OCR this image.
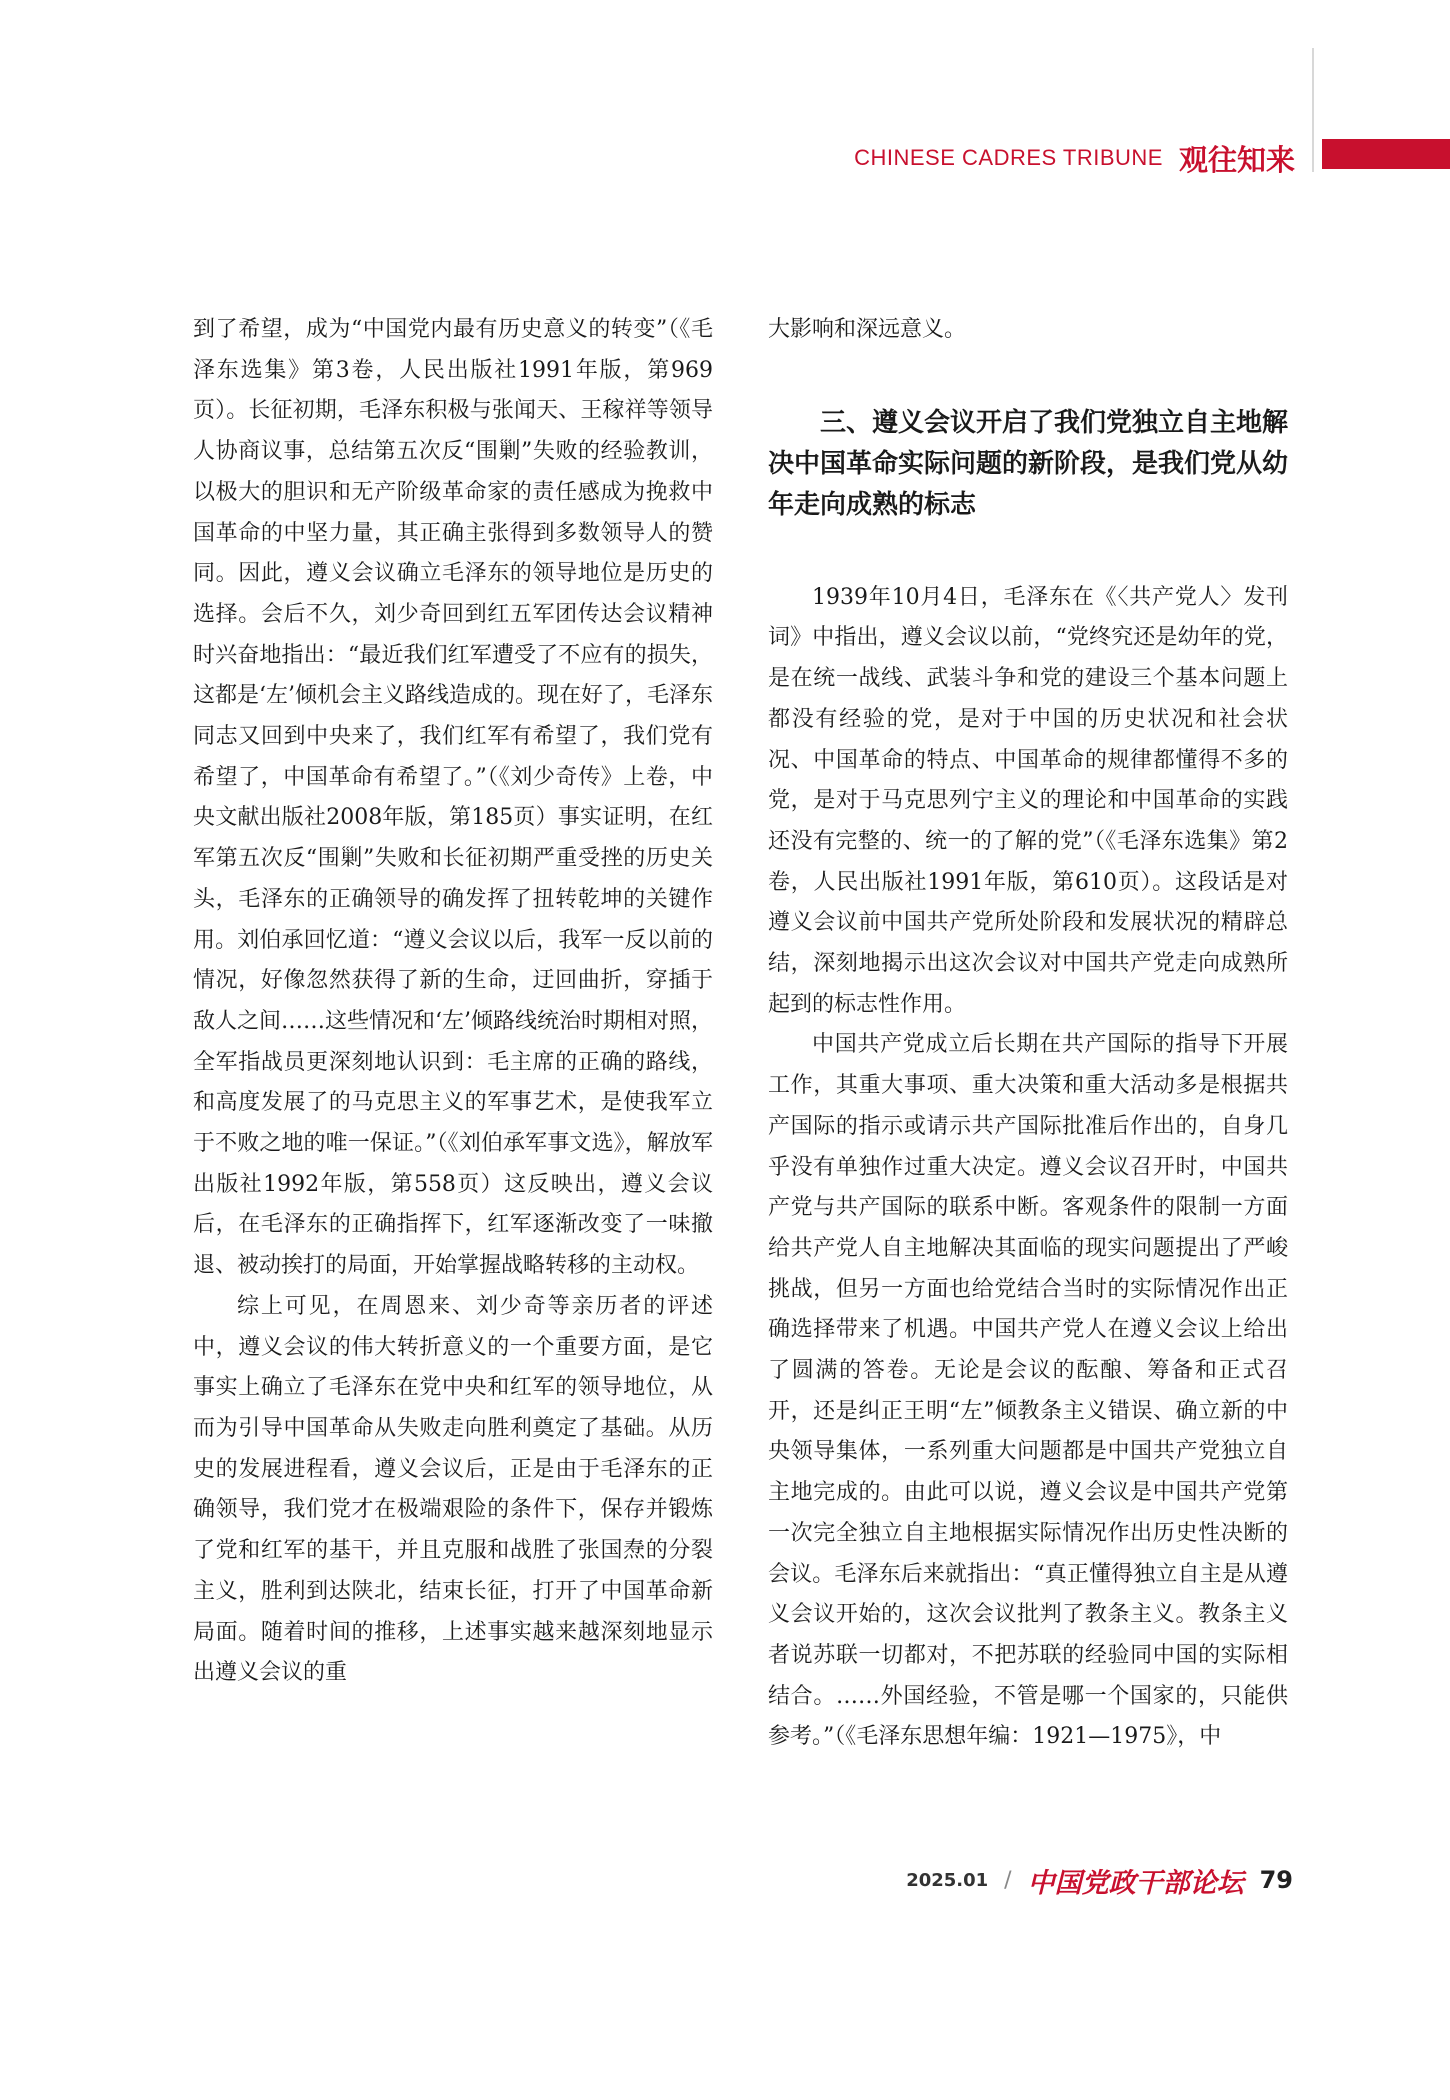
CHINESE CADRES TRIBUNE 观往知来

到了希望，成为“中国党内最有历史意义的转变”（《毛泽东选集》第3卷，人民出版社1991年版，第969页）。长征初期，毛泽东积极与张闻天、王稼祥等领导人协商议事，总结第五次反“围剿”失败的经验教训，以极大的胆识和无产阶级革命家的责任感成为挽救中国革命的中坚力量，其正确主张得到多数领导人的赞同。因此，遵义会议确立毛泽东的领导地位是历史的选择。会后不久，刘少奇回到红五军团传达会议精神时兴奋地指出：“最近我们红军遭受了不应有的损失，这都是‘左’倾机会主义路线造成的。现在好了，毛泽东同志又回到中央来了，我们红军有希望了，我们党有希望了，中国革命有希望了。”（《刘少奇传》上卷，中央文献出版社2008年版，第185页）事实证明，在红军第五次反“围剿”失败和长征初期严重受挫的历史关头，毛泽东的正确领导的确发挥了扭转乾坤的关键作用。刘伯承回忆道：“遵义会议以后，我军一反以前的情况，好像忽然获得了新的生命，迂回曲折，穿插于敌人之间……这些情况和‘左’倾路线统治时期相对照，全军指战员更深刻地认识到：毛主席的正确的路线，和高度发展了的马克思主义的军事艺术，是使我军立于不败之地的唯一保证。”（《刘伯承军事文选》，解放军出版社1992年版，第558页）这反映出，遵义会议后，在毛泽东的正确指挥下，红军逐渐改变了一味撤退、被动挨打的局面，开始掌握战略转移的主动权。

综上可见，在周恩来、刘少奇等亲历者的评述中，遵义会议的伟大转折意义的一个重要方面，是它事实上确立了毛泽东在党中央和红军的领导地位，从而为引导中国革命从失败走向胜利奠定了基础。从历史的发展进程看，遵义会议后，正是由于毛泽东的正确领导，我们党才在极端艰险的条件下，保存并锻炼了党和红军的基干，并且克服和战胜了张国焘的分裂主义，胜利到达陕北，结束长征，打开了中国革命新局面。随着时间的推移，上述事实越来越深刻地显示出遵义会议的重

大影响和深远意义。

三、遵义会议开启了我们党独立自主地解决中国革命实际问题的新阶段，是我们党从幼年走向成熟的标志

1939年10月4日，毛泽东在《〈共产党人〉发刊词》中指出，遵义会议以前，“党终究还是幼年的党，是在统一战线、武装斗争和党的建设三个基本问题上都没有经验的党，是对于中国的历史状况和社会状况、中国革命的特点、中国革命的规律都懂得不多的党，是对于马克思列宁主义的理论和中国革命的实践还没有完整的、统一的了解的党”（《毛泽东选集》第2卷，人民出版社1991年版，第610页）。这段话是对遵义会议前中国共产党所处阶段和发展状况的精辟总结，深刻地揭示出这次会议对中国共产党走向成熟所起到的标志性作用。

中国共产党成立后长期在共产国际的指导下开展工作，其重大事项、重大决策和重大活动多是根据共产国际的指示或请示共产国际批准后作出的，自身几乎没有单独作过重大决定。遵义会议召开时，中国共产党与共产国际的联系中断。客观条件的限制一方面给共产党人自主地解决其面临的现实问题提出了严峻挑战，但另一方面也给党结合当时的实际情况作出正确选择带来了机遇。中国共产党人在遵义会议上给出了圆满的答卷。无论是会议的酝酿、筹备和正式召开，还是纠正王明“左”倾教条主义错误、确立新的中央领导集体，一系列重大问题都是中国共产党独立自主地完成的。由此可以说，遵义会议是中国共产党第一次完全独立自主地根据实际情况作出历史性决断的会议。毛泽东后来就指出：“真正懂得独立自主是从遵义会议开始的，这次会议批判了教条主义。教条主义者说苏联一切都对，不把苏联的经验同中国的实际相结合。……外国经验，不管是哪一个国家的，只能供参考。”（《毛泽东思想年编：1921—1975》，中

2025.01 / 中国党政干部论坛 79
